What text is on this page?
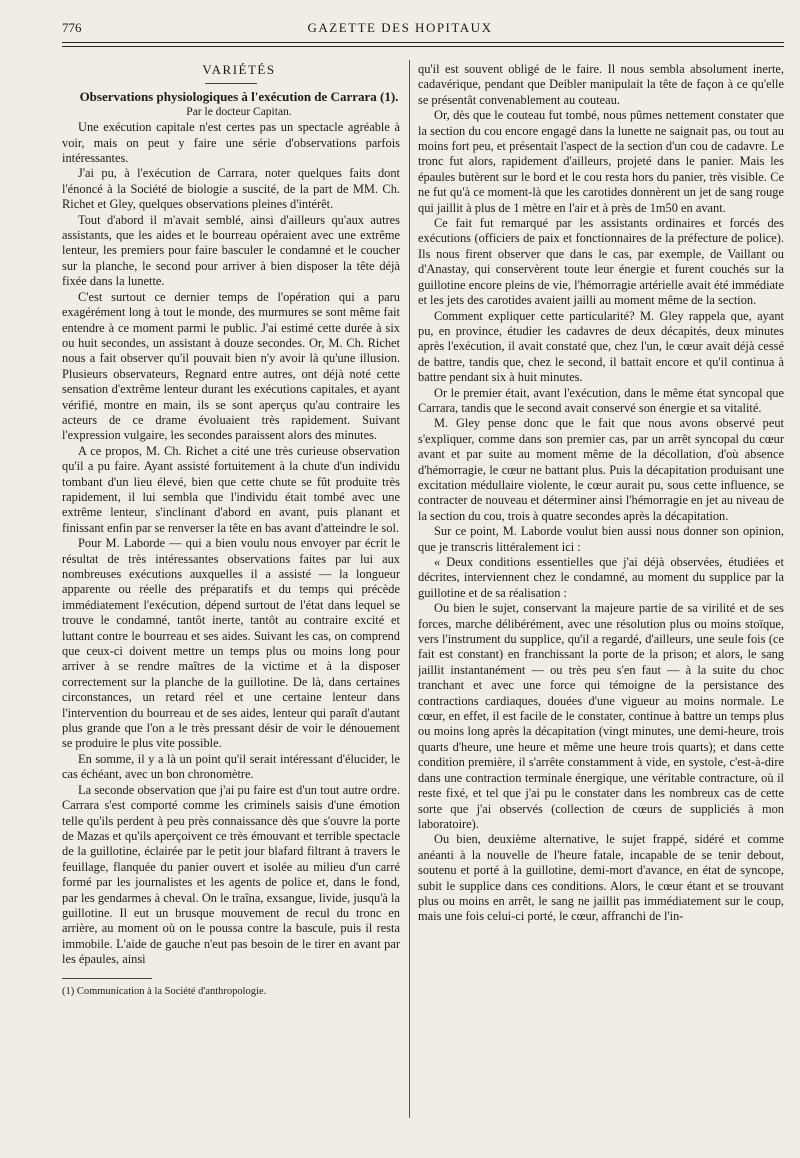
776	GAZETTE DES HOPITAUX

VARIÉTÉS

Observations physiologiques à l'exécution de Carrara (1).

Par le docteur Capitan.

Une exécution capitale n'est certes pas un spectacle agréable à voir, mais on peut y faire une série d'observations parfois intéressantes.

J'ai pu, à l'exécution de Carrara, noter quelques faits dont l'énoncé à la Société de biologie a suscité, de la part de MM. Ch. Richet et Gley, quelques observations pleines d'intérêt.

Tout d'abord il m'avait semblé, ainsi d'ailleurs qu'aux autres assistants, que les aides et le bourreau opéraient avec une extrême lenteur, les premiers pour faire basculer le condamné et le coucher sur la planche, le second pour arriver à bien disposer la tête déjà fixée dans la lunette.

C'est surtout ce dernier temps de l'opération qui a paru exagérément long à tout le monde, des murmures se sont même fait entendre à ce moment parmi le public. J'ai estimé cette durée à six ou huit secondes, un assistant à douze secondes. Or, M. Ch. Richet nous a fait observer qu'il pouvait bien n'y avoir là qu'une illusion. Plusieurs observateurs, Regnard entre autres, ont déjà noté cette sensation d'extrême lenteur durant les exécutions capitales, et ayant vérifié, montre en main, ils se sont aperçus qu'au contraire les acteurs de ce drame évoluaient très rapidement. Suivant l'expression vulgaire, les secondes paraissent alors des minutes.

A ce propos, M. Ch. Richet a cité une très curieuse observation qu'il a pu faire. Ayant assisté fortuitement à la chute d'un individu tombant d'un lieu élevé, bien que cette chute se fût produite très rapidement, il lui sembla que l'individu était tombé avec une extrême lenteur, s'inclinant d'abord en avant, puis planant et finissant enfin par se renverser la tête en bas avant d'atteindre le sol.

Pour M. Laborde — qui a bien voulu nous envoyer par écrit le résultat de très intéressantes observations faites par lui aux nombreuses exécutions auxquelles il a assisté — la longueur apparente ou réelle des préparatifs et du temps qui précède immédiatement l'exécution, dépend surtout de l'état dans lequel se trouve le condamné, tantôt inerte, tantôt au contraire excité et luttant contre le bourreau et ses aides. Suivant les cas, on comprend que ceux-ci doivent mettre un temps plus ou moins long pour arriver à se rendre maîtres de la victime et à la disposer correctement sur la planche de la guillotine. De là, dans certaines circonstances, un retard réel et une certaine lenteur dans l'intervention du bourreau et de ses aides, lenteur qui paraît d'autant plus grande que l'on a le très pressant désir de voir le dénouement se produire le plus vite possible.

En somme, il y a là un point qu'il serait intéressant d'élucider, le cas échéant, avec un bon chronomètre.

La seconde observation que j'ai pu faire est d'un tout autre ordre. Carrara s'est comporté comme les criminels saisis d'une émotion telle qu'ils perdent à peu près connaissance dès que s'ouvre la porte de Mazas et qu'ils aperçoivent ce très émouvant et terrible spectacle de la guillotine, éclairée par le petit jour blafard filtrant à travers le feuillage, flanquée du panier ouvert et isolée au milieu d'un carré formé par les journalistes et les agents de police et, dans le fond, par les gendarmes à cheval. On le traîna, exsangue, livide, jusqu'à la guillotine. Il eut un brusque mouvement de recul du tronc en arrière, au moment où on le poussa contre la bascule, puis il resta immobile. L'aide de gauche n'eut pas besoin de le tirer en avant par les épaules, ainsi

(1) Communication à la Société d'anthropologie.

qu'il est souvent obligé de le faire. Il nous sembla absolument inerte, cadavérique, pendant que Deibler manipulait la tête de façon à ce qu'elle se présentât convenablement au couteau.

Or, dès que le couteau fut tombé, nous pûmes nettement constater que la section du cou encore engagé dans la lunette ne saignait pas, ou tout au moins fort peu, et présentait l'aspect de la section d'un cou de cadavre. Le tronc fut alors, rapidement d'ailleurs, projeté dans le panier. Mais les épaules butèrent sur le bord et le cou resta hors du panier, très visible. Ce ne fut qu'à ce moment-là que les carotides donnèrent un jet de sang rouge qui jaillit à plus de 1 mètre en l'air et à près de 1m50 en avant.

Ce fait fut remarqué par les assistants ordinaires et forcés des exécutions (officiers de paix et fonctionnaires de la préfecture de police). Ils nous firent observer que dans le cas, par exemple, de Vaillant ou d'Anastay, qui conservèrent toute leur énergie et furent couchés sur la guillotine encore pleins de vie, l'hémorragie artérielle avait été immédiate et les jets des carotides avaient jailli au moment même de la section.

Comment expliquer cette particularité? M. Gley rappela que, ayant pu, en province, étudier les cadavres de deux décapités, deux minutes après l'exécution, il avait constaté que, chez l'un, le cœur avait déjà cessé de battre, tandis que, chez le second, il battait encore et qu'il continua à battre pendant six à huit minutes.

Or le premier était, avant l'exécution, dans le même état syncopal que Carrara, tandis que le second avait conservé son énergie et sa vitalité.

M. Gley pense donc que le fait que nous avons observé peut s'expliquer, comme dans son premier cas, par un arrêt syncopal du cœur avant et par suite au moment même de la décollation, d'où absence d'hémorragie, le cœur ne battant plus. Puis la décapitation produisant une excitation médullaire violente, le cœur aurait pu, sous cette influence, se contracter de nouveau et déterminer ainsi l'hémorragie en jet au niveau de la section du cou, trois à quatre secondes après la décapitation.

Sur ce point, M. Laborde voulut bien aussi nous donner son opinion, que je transcris littéralement ici :

« Deux conditions essentielles que j'ai déjà observées, étudiées et décrites, interviennent chez le condamné, au moment du supplice par la guillotine et de sa réalisation :

Ou bien le sujet, conservant la majeure partie de sa virilité et de ses forces, marche délibérément, avec une résolution plus ou moins stoïque, vers l'instrument du supplice, qu'il a regardé, d'ailleurs, une seule fois (ce fait est constant) en franchissant la porte de la prison; et alors, le sang jaillit instantanément — ou très peu s'en faut — à la suite du choc tranchant et avec une force qui témoigne de la persistance des contractions cardiaques, douées d'une vigueur au moins normale. Le cœur, en effet, il est facile de le constater, continue à battre un temps plus ou moins long après la décapitation (vingt minutes, une demi-heure, trois quarts d'heure, une heure et même une heure trois quarts); et dans cette condition première, il s'arrête constamment à vide, en systole, c'est-à-dire dans une contraction terminale énergique, une véritable contracture, où il reste fixé, et tel que j'ai pu le constater dans les nombreux cas de cette sorte que j'ai observés (collection de cœurs de suppliciés à mon laboratoire).

Ou bien, deuxième alternative, le sujet frappé, sidéré et comme anéanti à la nouvelle de l'heure fatale, incapable de se tenir debout, soutenu et porté à la guillotine, demi-mort d'avance, en état de syncope, subit le supplice dans ces conditions. Alors, le cœur étant et se trouvant plus ou moins en arrêt, le sang ne jaillit pas immédiatement sur le coup, mais une fois celui-ci porté, le cœur, affranchi de l'in-
